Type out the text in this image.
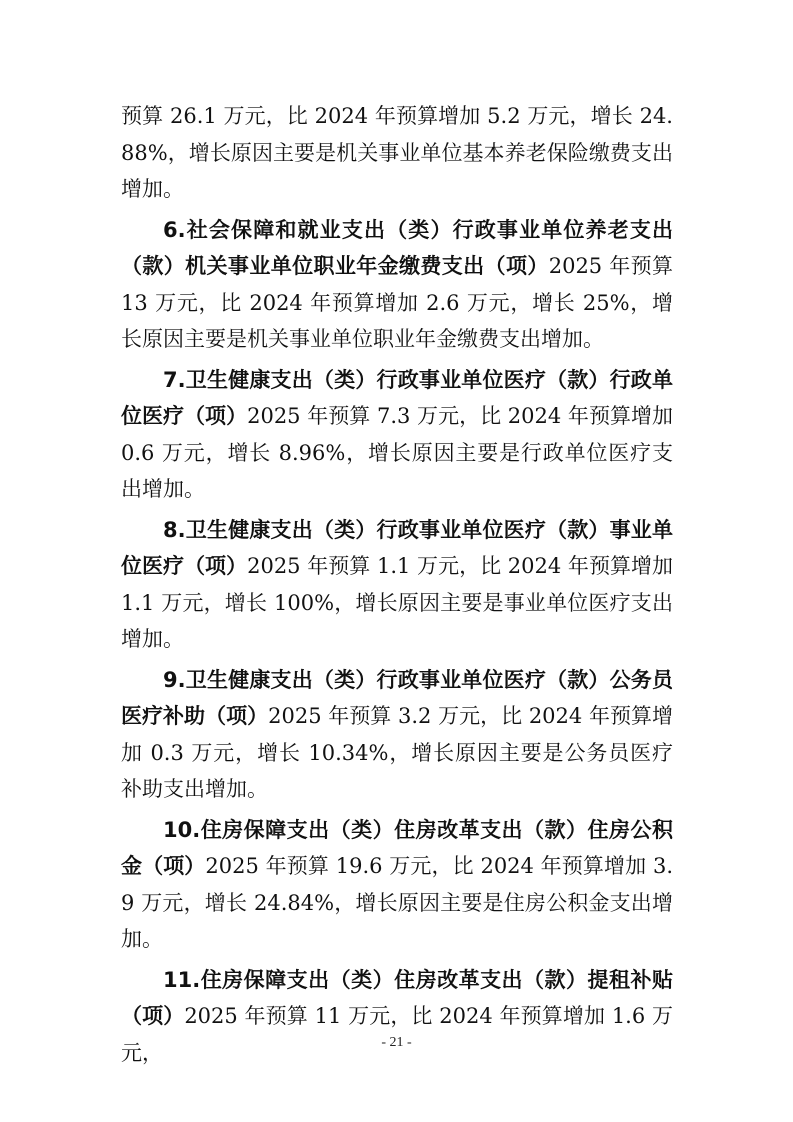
预算 26.1 万元，比 2024 年预算增加 5.2 万元，增长 24.88%，增长原因主要是机关事业单位基本养老保险缴费支出增加。

6.社会保障和就业支出（类）行政事业单位养老支出（款）机关事业单位职业年金缴费支出（项）2025 年预算 13 万元，比 2024 年预算增加 2.6 万元，增长 25%，增长原因主要是机关事业单位职业年金缴费支出增加。

7.卫生健康支出（类）行政事业单位医疗（款）行政单位医疗（项）2025 年预算 7.3 万元，比 2024 年预算增加 0.6 万元，增长 8.96%，增长原因主要是行政单位医疗支出增加。

8.卫生健康支出（类）行政事业单位医疗（款）事业单位医疗（项）2025 年预算 1.1 万元，比 2024 年预算增加 1.1 万元，增长 100%，增长原因主要是事业单位医疗支出增加。

9.卫生健康支出（类）行政事业单位医疗（款）公务员医疗补助（项）2025 年预算 3.2 万元，比 2024 年预算增加 0.3 万元，增长 10.34%，增长原因主要是公务员医疗补助支出增加。

10.住房保障支出（类）住房改革支出（款）住房公积金（项）2025 年预算 19.6 万元，比 2024 年预算增加 3.9 万元，增长 24.84%，增长原因主要是住房公积金支出增加。

11.住房保障支出（类）住房改革支出（款）提租补贴（项）2025 年预算 11 万元，比 2024 年预算增加 1.6 万元，	- 21 -
